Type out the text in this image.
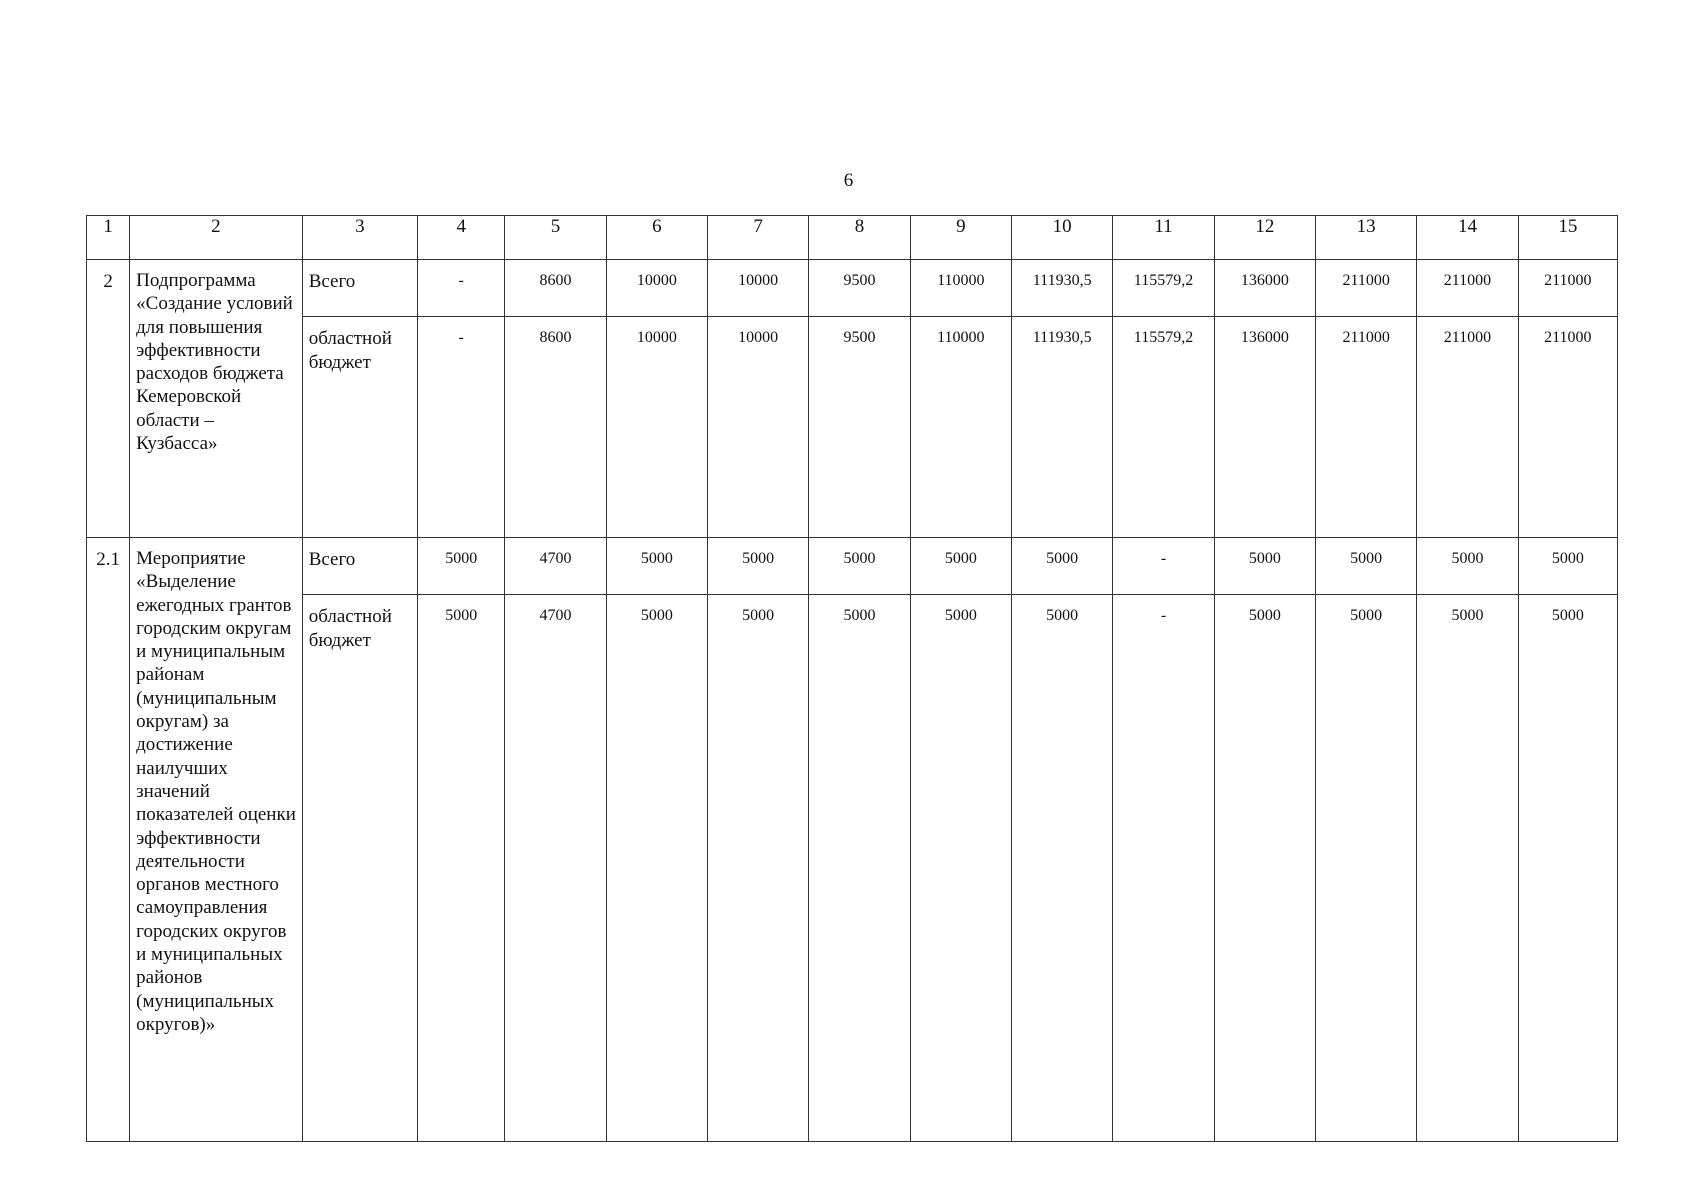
6
1	2	3	4	5	6	7	8	9	10	11	12	13	14	15
2	Подпрограмма «Создание условий для повышения эффективности расходов бюджета Кемеровской области – Кузбасса»	Всего	-	8600	10000	10000	9500	110000	111930,5	115579,2	136000	211000	211000	211000
		областной бюджет	-	8600	10000	10000	9500	110000	111930,5	115579,2	136000	211000	211000	211000
2.1	Мероприятие «Выделение ежегодных грантов городским округам и муниципальным районам (муниципальным округам) за достижение наилучших значений показателей оценки эффективности деятельности органов местного самоуправления городских округов и муниципальных районов (муниципальных округов)»	Всего	5000	4700	5000	5000	5000	5000	5000	-	5000	5000	5000	5000
		областной бюджет	5000	4700	5000	5000	5000	5000	5000	-	5000	5000	5000	5000
